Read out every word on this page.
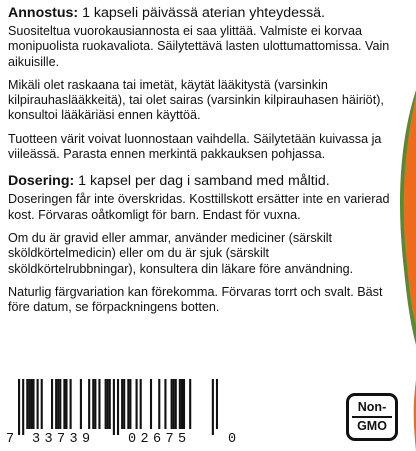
Annostus: 1 kapseli päivässä aterian yhteydessä.

Suositeltua vuorokausiannosta ei saa ylittää. Valmiste ei korvaa monipuolista ruokavaliota. Säilytettävä lasten ulottumattomissa. Vain aikuisille.

Mikäli olet raskaana tai imetät, käytät lääkitystä (varsinkin kilpirauhaslääkkeitä), tai olet sairas (varsinkin kilpirauhasen häiriöt), konsultoi lääkäriäsi ennen käyttöä.

Tuotteen värit voivat luonnostaan vaihdella. Säilytetään kuivassa ja viileässä. Parasta ennen merkintä pakkauksen pohjassa.

Dosering: 1 kapsel per dag i samband med måltid.

Doseringen får inte överskridas. Kosttillskott ersätter inte en varierad kost. Förvaras oåtkomligt för barn. Endast för vuxna.

Om du är gravid eller ammar, använder mediciner (särskilt sköldkörtelmedicin) eller om du är sjuk (särskilt sköldkörtelrubbningar), konsultera din läkare före användning.

Naturlig färgvariation kan förekomma. Förvaras torrt och svalt. Bäst före datum, se förpackningens botten.

7 33739 02675	0
Non-
GMO
